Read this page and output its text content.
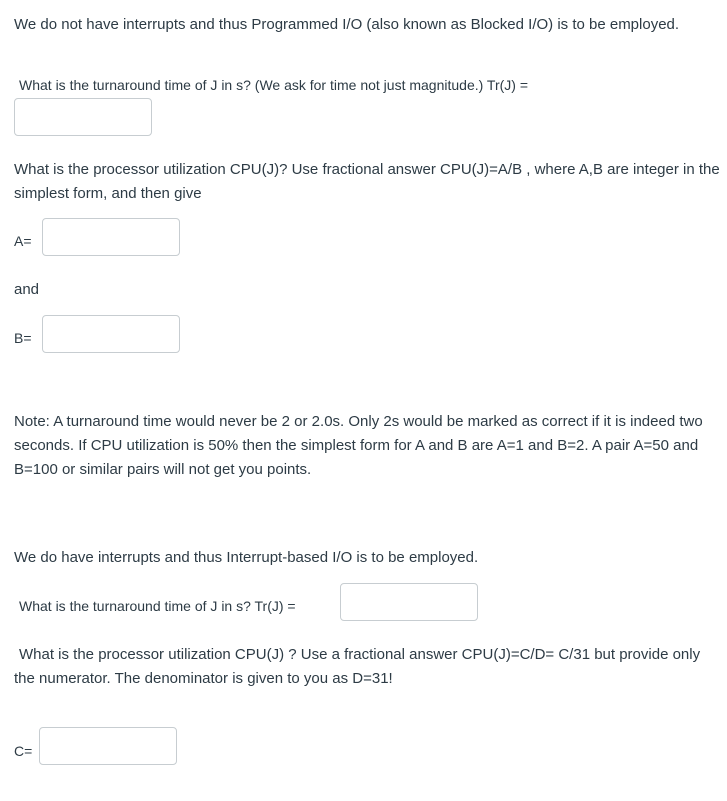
We do not have interrupts and thus Programmed I/O (also known as Blocked I/O) is to be employed.
What is the turnaround time of J in s? (We ask for time not just magnitude.) Tr(J) =
What is the processor utilization CPU(J)? Use fractional answer CPU(J)=A/B , where A,B are integer in the simplest form, and then give
A=
and
B=
Note: A turnaround time would never be 2 or 2.0s. Only 2s would be marked as correct if it is indeed two seconds. If CPU utilization is 50% then the simplest form for A and B are A=1 and B=2. A pair A=50 and B=100 or similar pairs will not get you points.
We do have interrupts and thus Interrupt-based I/O is to be employed.
What is the turnaround time of J in s? Tr(J) =
What is the processor utilization CPU(J) ? Use a fractional answer CPU(J)=C/D= C/31 but provide only the numerator. The denominator is given to you as D=31!
C=
